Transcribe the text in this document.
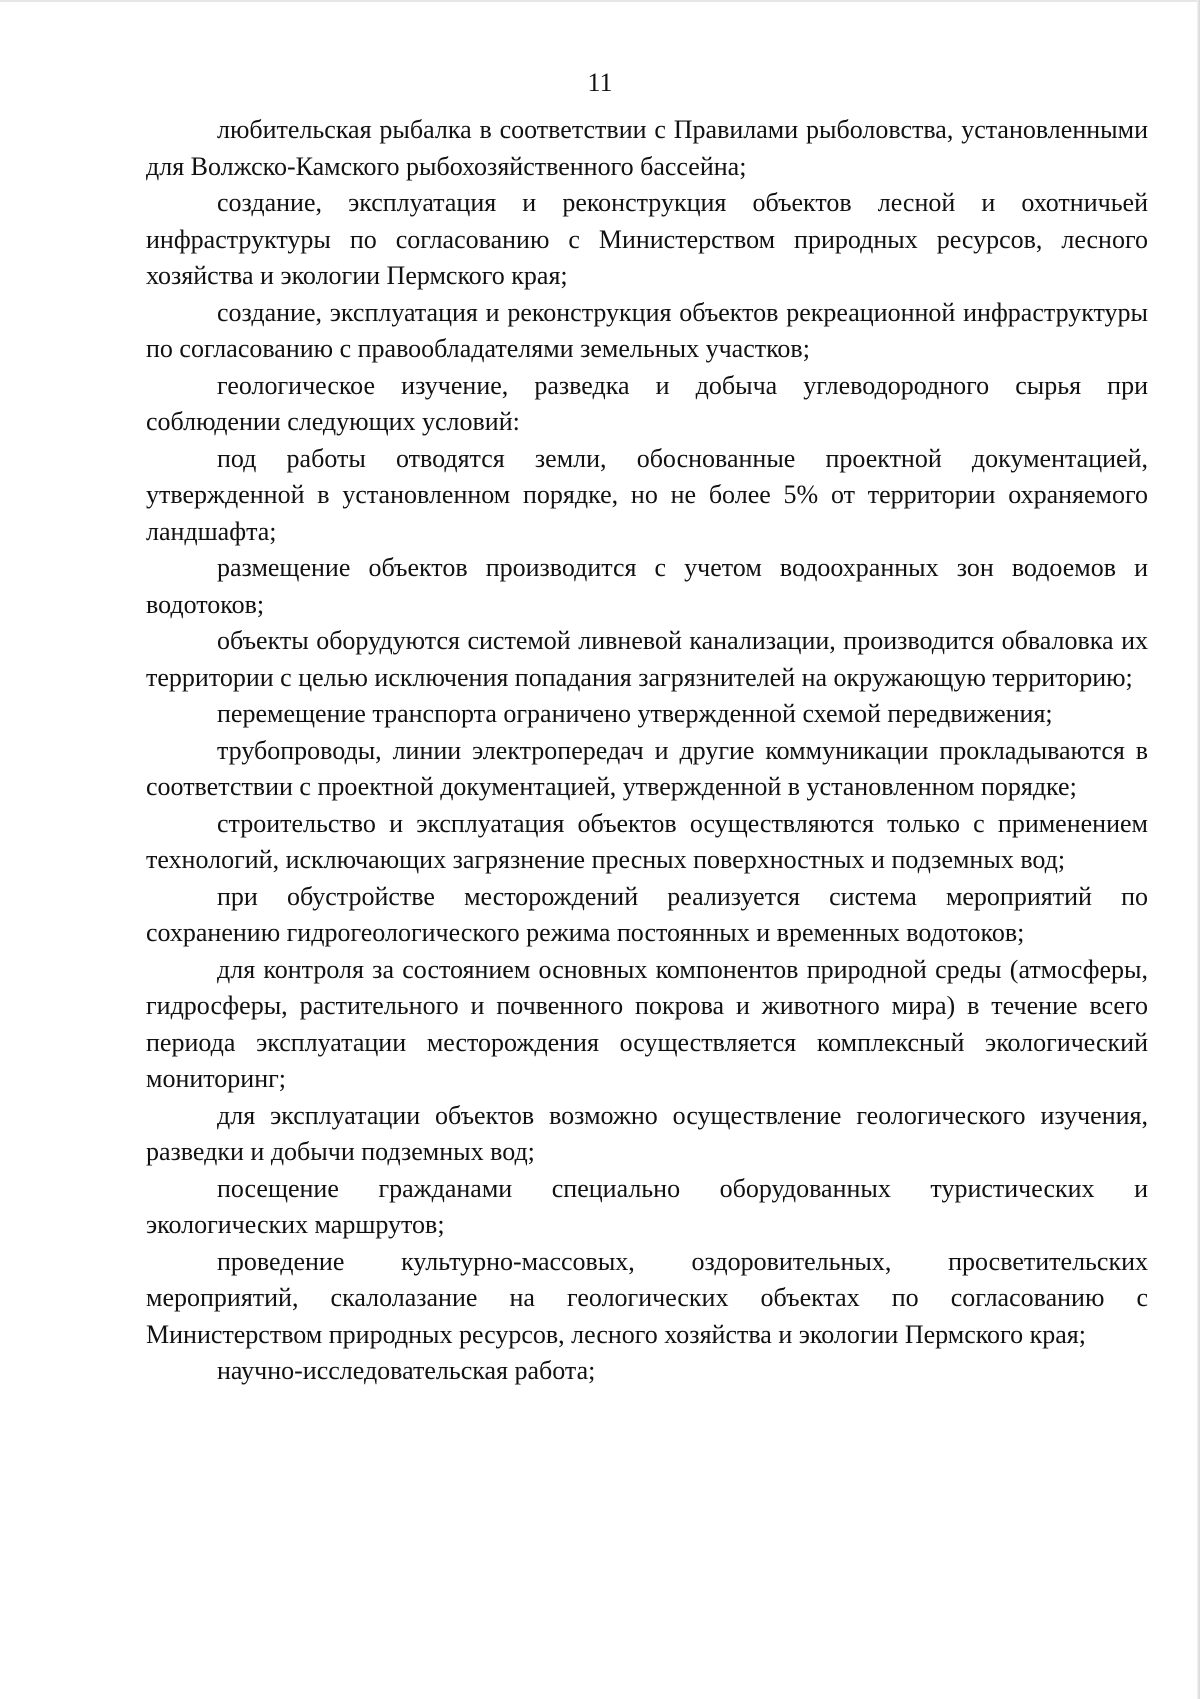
11

любительская рыбалка в соответствии с Правилами рыболовства, установленными для Волжско-Камского рыбохозяйственного бассейна;

создание, эксплуатация и реконструкция объектов лесной и охотничьей инфраструктуры по согласованию с Министерством природных ресурсов, лесного хозяйства и экологии Пермского края;

создание, эксплуатация и реконструкция объектов рекреационной инфраструктуры по согласованию с правообладателями земельных участков;

геологическое изучение, разведка и добыча углеводородного сырья при соблюдении следующих условий:

под работы отводятся земли, обоснованные проектной документацией, утвержденной в установленном порядке, но не более 5% от территории охраняемого ландшафта;

размещение объектов производится с учетом водоохранных зон водоемов и водотоков;

объекты оборудуются системой ливневой канализации, производится обваловка их территории с целью исключения попадания загрязнителей на окружающую территорию;

перемещение транспорта ограничено утвержденной схемой передвижения;

трубопроводы, линии электропередач и другие коммуникации прокладываются в соответствии с проектной документацией, утвержденной в установленном порядке;

строительство и эксплуатация объектов осуществляются только с применением технологий, исключающих загрязнение пресных поверхностных и подземных вод;

при обустройстве месторождений реализуется система мероприятий по сохранению гидрогеологического режима постоянных и временных водотоков;

для контроля за состоянием основных компонентов природной среды (атмосферы, гидросферы, растительного и почвенного покрова и животного мира) в течение всего периода эксплуатации месторождения осуществляется комплексный экологический мониторинг;

для эксплуатации объектов возможно осуществление геологического изучения, разведки и добычи подземных вод;

посещение гражданами специально оборудованных туристических и экологических маршрутов;

проведение культурно-массовых, оздоровительных, просветительских мероприятий, скалолазание на геологических объектах по согласованию с Министерством природных ресурсов, лесного хозяйства и экологии Пермского края;

научно-исследовательская работа;
